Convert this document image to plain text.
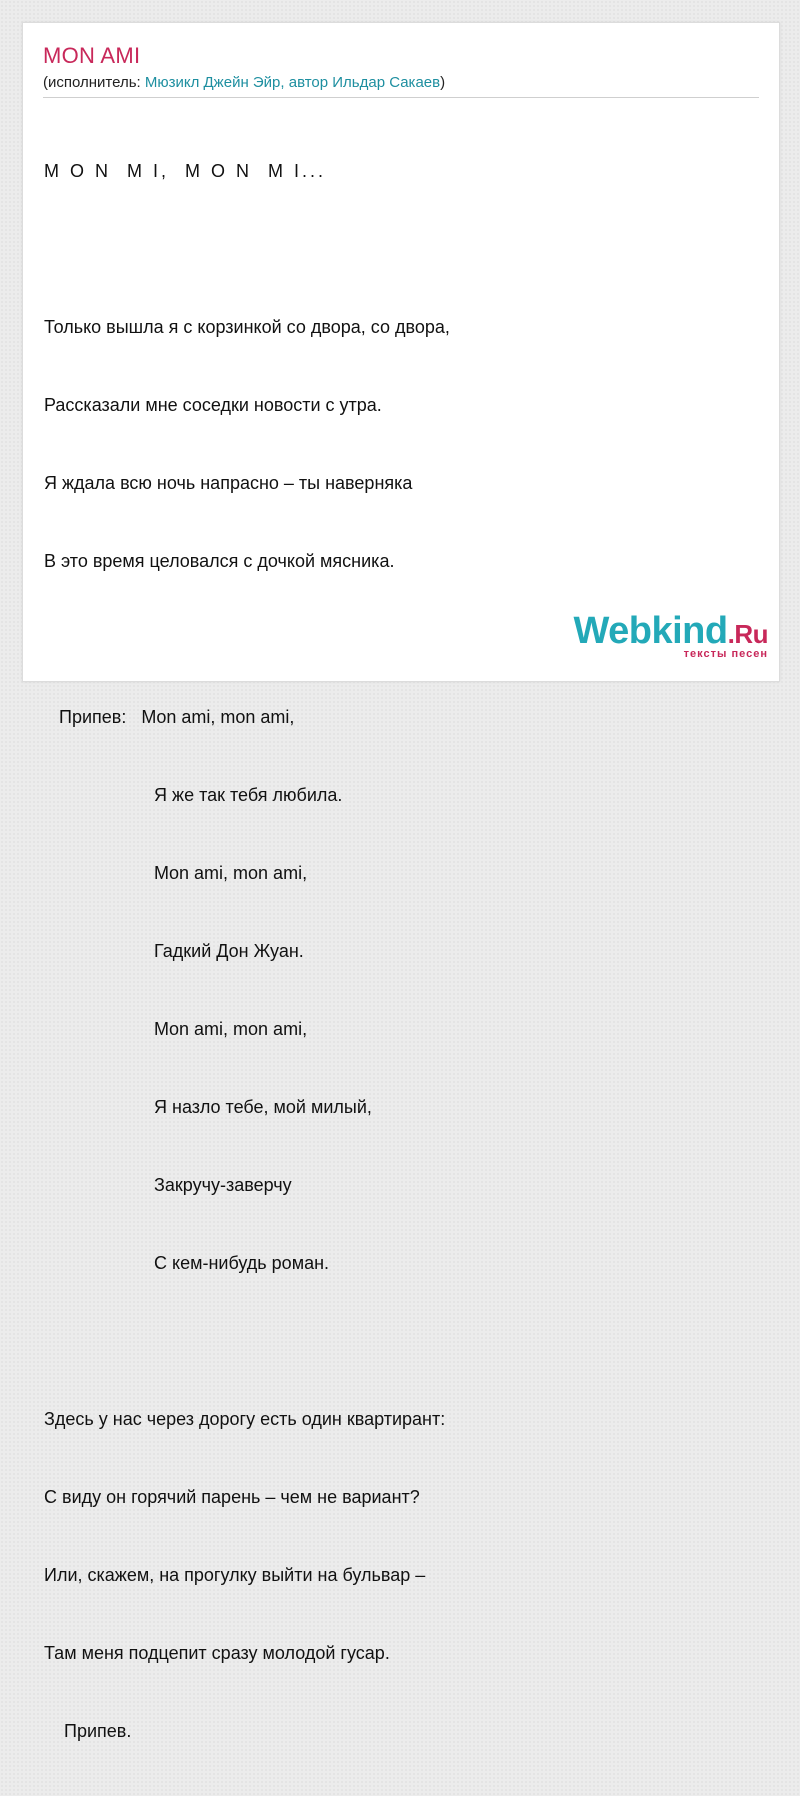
MON AMI
(исполнитель: Мюзикл Джейн Эйр, автор Ильдар Сакаев)

M O N  M I,  M O N  M I...

Только вышла я с корзинкой со двора, со двора,

Рассказали мне соседки новости с утра.

Я ждала всю ночь напрасно – ты наверняка

В это время целовался с дочкой мясника.

Припев:   Mon ami, mon ami,

Я же так тебя любила.

Mon ami, mon ami,

Гадкий Дон Жуан.

Mon ami, mon ami,

Я назло тебе, мой милый,

Закручу-заверчу

С кем-нибудь роман.

Здесь у нас через дорогу есть один квартирант:

С виду он горячий парень – чем не вариант?

Или, скажем, на прогулку выйти на бульвар –

Там меня подцепит сразу молодой гусар.

Припев.

Webkind.Ru
тексты песен
